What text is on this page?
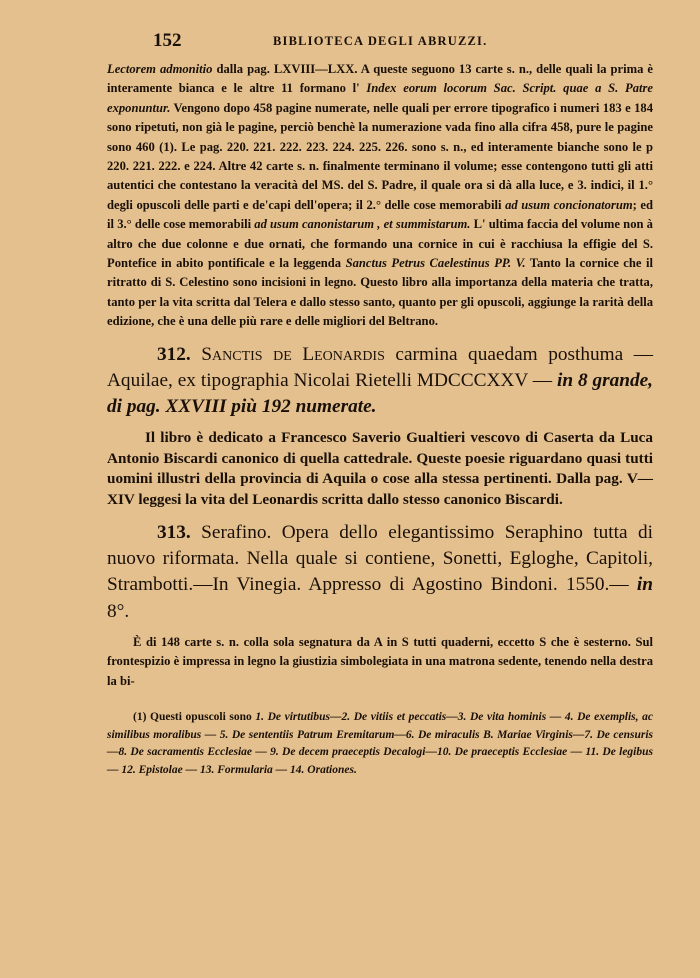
152	BIBLIOTECA DEGLI ABRUZZI.

Lectorem admonitio dalla pag. LXVIII—LXX. A queste seguono 13 carte s. n., delle quali la prima è interamente bianca e le altre 11 formano l' Index eorum locorum Sac. Script. quae a S. Patre exponuntur. Vengono dopo 458 pagine numerate, nelle quali per errore tipografico i numeri 183 e 184 sono ripetuti, non già le pagine, perciò benchè la numerazione vada fino alla cifra 458, pure le pagine sono 460 (1). Le pag. 220. 221. 222. 223. 224. 225. 226. sono s. n., ed interamente bianche sono le p 220. 221. 222. e 224. Altre 42 carte s. n. finalmente terminano il volume; esse contengono tutti gli atti autentici che contestano la veracità del MS. del S. Padre, il quale ora si dà alla luce, e 3. indici, il 1.° degli opuscoli delle parti e de'capi dell'opera; il 2.° delle cose memorabili ad usum concionatorum; ed il 3.° delle cose memorabili ad usum canonistarum , et summistarum. L' ultima faccia del volume non à altro che due colonne e due ornati, che formando una cornice in cui è racchiusa la effigie del S. Pontefice in abito pontificale e la leggenda Sanctus Petrus Caelestinus PP. V. Tanto la cornice che il ritratto di S. Celestino sono incisioni in legno. Questo libro alla importanza della materia che tratta, tanto per la vita scritta dal Telera e dallo stesso santo, quanto per gli opuscoli, aggiunge la rarità della edizione, che è una delle più rare e delle migliori del Beltrano.

312. Sanctis de Leonardis carmina quaedam posthuma — Aquilae, ex tipographia Nicolai Rietelli MDCCCXXV — in 8 grande, di pag. XXVIII più 192 numerate.

Il libro è dedicato a Francesco Saverio Gualtieri vescovo di Caserta da Luca Antonio Biscardi canonico di quella cattedrale. Queste poesie riguardano quasi tutti uomini illustri della provincia di Aquila o cose alla stessa pertinenti. Dalla pag. V—XIV leggesi la vita del Leonardis scritta dallo stesso canonico Biscardi.

313. Serafino. Opera dello elegantissimo Seraphino tutta di nuovo riformata. Nella quale si contiene, Sonetti, Egloghe, Capitoli, Strambotti.—In Vinegia. Appresso di Agostino Bindoni. 1550.— in 8°.

È di 148 carte s. n. colla sola segnatura da A in S tutti quaderni, eccetto S che è sesterno. Sul frontespizio è impressa in legno la giustizia simbolegiata in una matrona sedente, tenendo nella destra la bi-

(1) Questi opuscoli sono 1. De virtutibus—2. De vitiis et peccatis—3. De vita hominis — 4. De exemplis, ac similibus moralibus — 5. De sententiis Patrum Eremitarum—6. De miraculis B. Mariae Virginis—7. De censuris—8. De sacramentis Ecclesiae — 9. De decem praeceptis Decalogi—10. De praeceptis Ecclesiae — 11. De legibus — 12. Epistolae — 13. Formularia — 14. Orationes.
